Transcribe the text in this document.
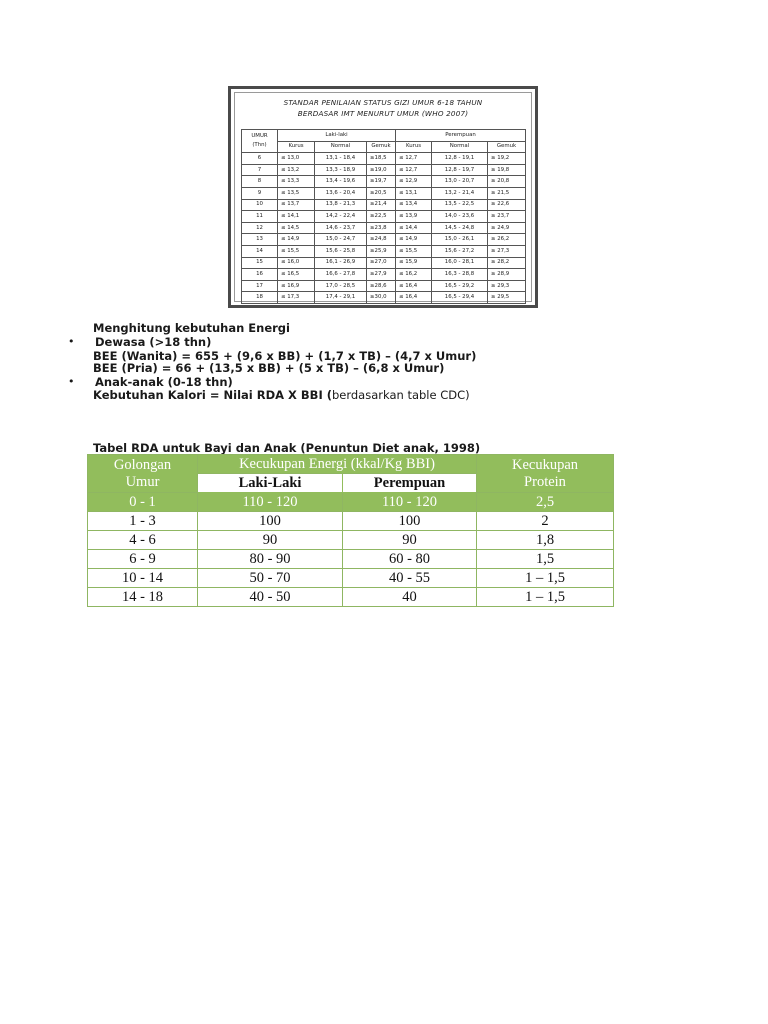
STANDAR PENILAIAN STATUS GIZI UMUR 6-18 TAHUN
BERDASAR IMT MENURUT UMUR (WHO 2007)
UMUR
(Thn)	Laki-laki			Perempuan		
	Kurus	Normal	Gemuk	Kurus	Normal	Gemuk
6	≤ 13,0	13,1 - 18,4	≥18,5	≤ 12,7	12,8 - 19,1	≥ 19,2
7	≤ 13,2	13,3 - 18,9	≥19,0	≤ 12,7	12,8 - 19,7	≥ 19,8
8	≤ 13,3	13,4 - 19,6	≥19,7	≤ 12,9	13,0 - 20,7	≥ 20,8
9	≤ 13,5	13,6 - 20,4	≥20,5	≤ 13,1	13,2 - 21,4	≥ 21,5
10	≤ 13,7	13,8 - 21,3	≥21,4	≤ 13,4	13,5 - 22,5	≥ 22,6
11	≤ 14,1	14,2 - 22,4	≥22,5	≤ 13,9	14,0 - 23,6	≥ 23,7
12	≤ 14,5	14,6 - 23,7	≥23,8	≤ 14,4	14,5 - 24,8	≥ 24,9
13	≤ 14,9	15,0 - 24,7	≥24,8	≤ 14,9	15,0 - 26,1	≥ 26,2
14	≤ 15,5	15,6 - 25,8	≥25,9	≤ 15,5	15,6 - 27,2	≥ 27,3
15	≤ 16,0	16,1 - 26,9	≥27,0	≤ 15,9	16,0 - 28,1	≥ 28,2
16	≤ 16,5	16,6 - 27,8	≥27,9	≤ 16,2	16,3 - 28,8	≥ 28,9
17	≤ 16,9	17,0 - 28,5	≥28,6	≤ 16,4	16,5 - 29,2	≥ 29,3
18	≤ 17,3	17,4 - 29,1	≥30,0	≤ 16,4	16,5 - 29,4	≥ 29,5
Menghitung kebutuhan Energi
• Dewasa (>18 thn)
BEE (Wanita) = 655 + (9,6 x BB) + (1,7 x TB) – (4,7 x Umur)
BEE (Pria) = 66 + (13,5 x BB) + (5 x TB) – (6,8 x Umur)
• Anak-anak (0-18 thn)
Kebutuhan Kalori = Nilai RDA X BBI (berdasarkan table CDC)
Tabel RDA untuk Bayi dan Anak (Penuntun Diet anak, 1998)
Golongan
Umur	Kecukupan Energi (kkal/Kg BBI)		Kecukupan
Protein
	Laki-Laki	Perempuan	
0 - 1	110 - 120	110 - 120	2,5
1 - 3	100	100	2
4 - 6	90	90	1,8
6 - 9	80 - 90	60 - 80	1,5
10 - 14	50 - 70	40 - 55	1 – 1,5
14 - 18	40 - 50	40	1 – 1,5
